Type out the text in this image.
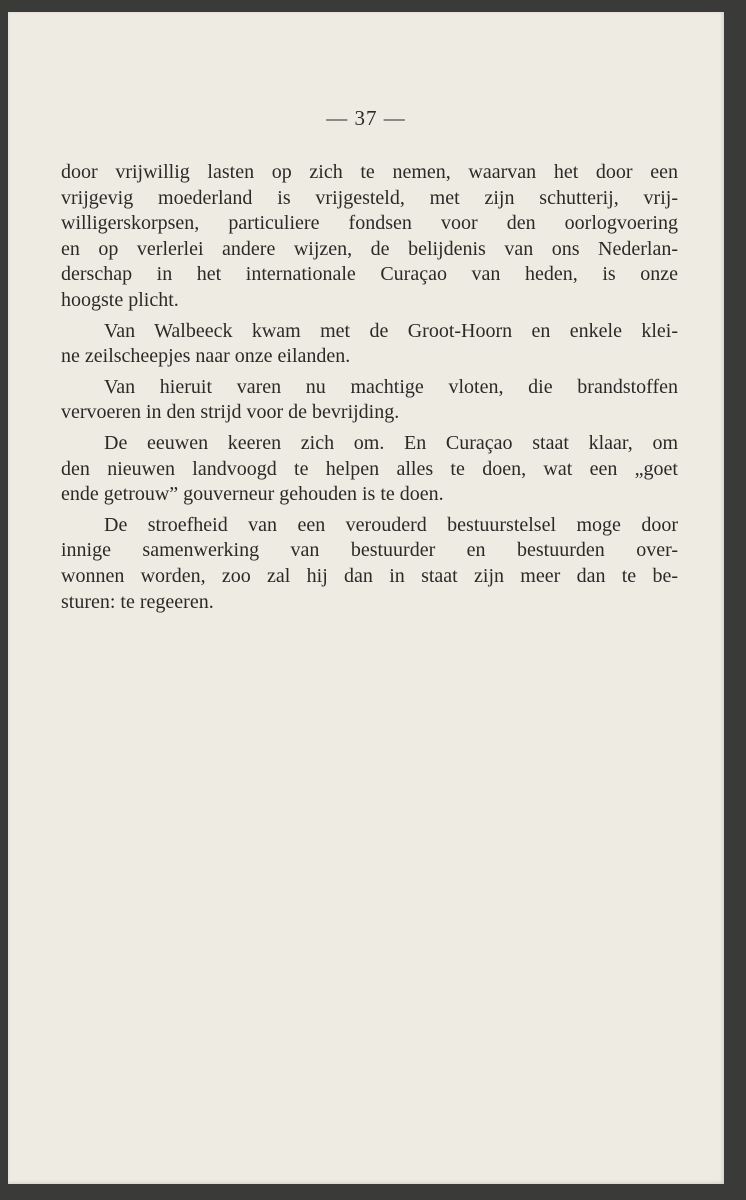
— 37 —

door vrijwillig lasten op zich te nemen, waarvan het door een
vrijgevig moederland is vrijgesteld, met zijn schutterij, vrij-
willigerskorpsen, particuliere fondsen voor den oorlogvoering
en op verlerlei andere wijzen, de belijdenis van ons Nederlan-
derschap in het internationale Curaçao van heden, is onze
hoogste plicht.

Van Walbeeck kwam met de Groot-Hoorn en enkele klei-
ne zeilscheepjes naar onze eilanden.

Van hieruit varen nu machtige vloten, die brandstoffen
vervoeren in den strijd voor de bevrijding.

De eeuwen keeren zich om. En Curaçao staat klaar, om
den nieuwen landvoogd te helpen alles te doen, wat een „goet
ende getrouw” gouverneur gehouden is te doen.

De stroefheid van een verouderd bestuurstelsel moge door
innige samenwerking van bestuurder en bestuurden over-
wonnen worden, zoo zal hij dan in staat zijn meer dan te be-
sturen: te regeeren.
